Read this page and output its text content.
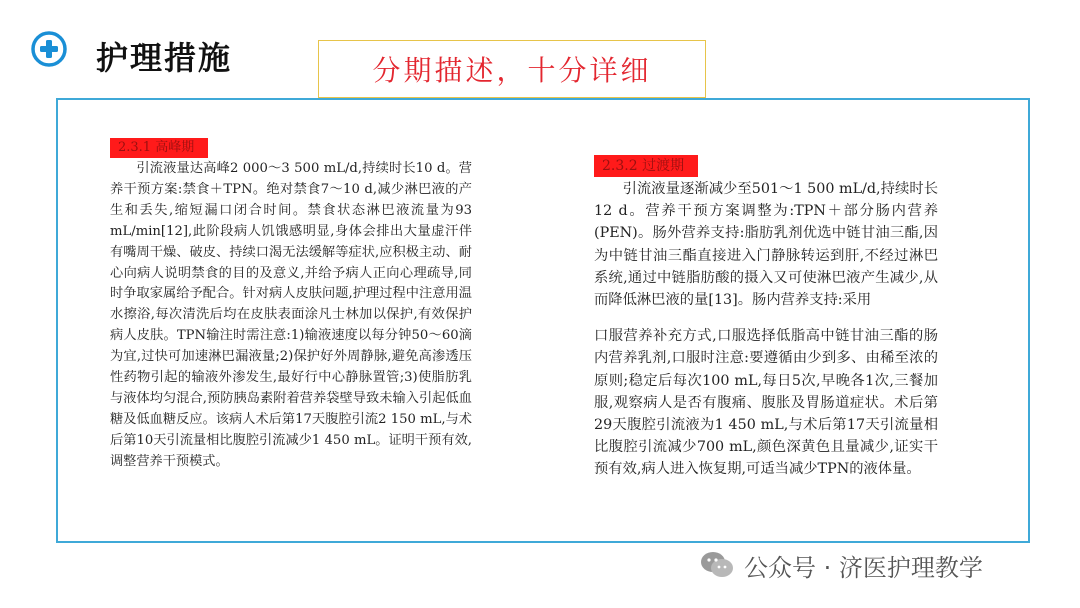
护理措施	分期描述，十分详细
2.3.1 高峰期

引流液量达高峰2 000～3 500 mL/d,持续时长10 d。营养干预方案:禁食＋TPN。绝对禁食7～10 d,减少淋巴液的产生和丢失,缩短漏口闭合时间。禁食状态淋巴液流量为93 mL/min[12],此阶段病人饥饿感明显,身体会排出大量虚汗伴有嘴周干燥、破皮、持续口渴无法缓解等症状,应积极主动、耐心向病人说明禁食的目的及意义,并给予病人正向心理疏导,同时争取家属给予配合。针对病人皮肤问题,护理过程中注意用温水擦浴,每次清洗后均在皮肤表面涂凡士林加以保护,有效保护病人皮肤。TPN输注时需注意:1)输液速度以每分钟50～60滴为宜,过快可加速淋巴漏液量;2)保护好外周静脉,避免高渗透压性药物引起的输液外渗发生,最好行中心静脉置管;3)使脂肪乳与液体均匀混合,预防胰岛素附着营养袋壁导致未输入引起低血糖及低血糖反应。该病人术后第17天腹腔引流2 150 mL,与术后第10天引流量相比腹腔引流减少1 450 mL。证明干预有效,调整营养干预模式。

2.3.2 过渡期

引流液量逐渐减少至501～1 500 mL/d,持续时长12 d。营养干预方案调整为:TPN＋部分肠内营养(PEN)。肠外营养支持:脂肪乳剂优选中链甘油三酯,因为中链甘油三酯直接进入门静脉转运到肝,不经过淋巴系统,通过中链脂肪酸的摄入又可使淋巴液产生减少,从而降低淋巴液的量[13]。肠内营养支持:采用

口服营养补充方式,口服选择低脂高中链甘油三酯的肠内营养乳剂,口服时注意:要遵循由少到多、由稀至浓的原则;稳定后每次100 mL,每日5次,早晚各1次,三餐加服,观察病人是否有腹痛、腹胀及胃肠道症状。术后第29天腹腔引流液为1 450 mL,与术后第17天引流量相比腹腔引流减少700 mL,颜色深黄色且量减少,证实干预有效,病人进入恢复期,可适当减少TPN的液体量。

公众号 · 济医护理教学
